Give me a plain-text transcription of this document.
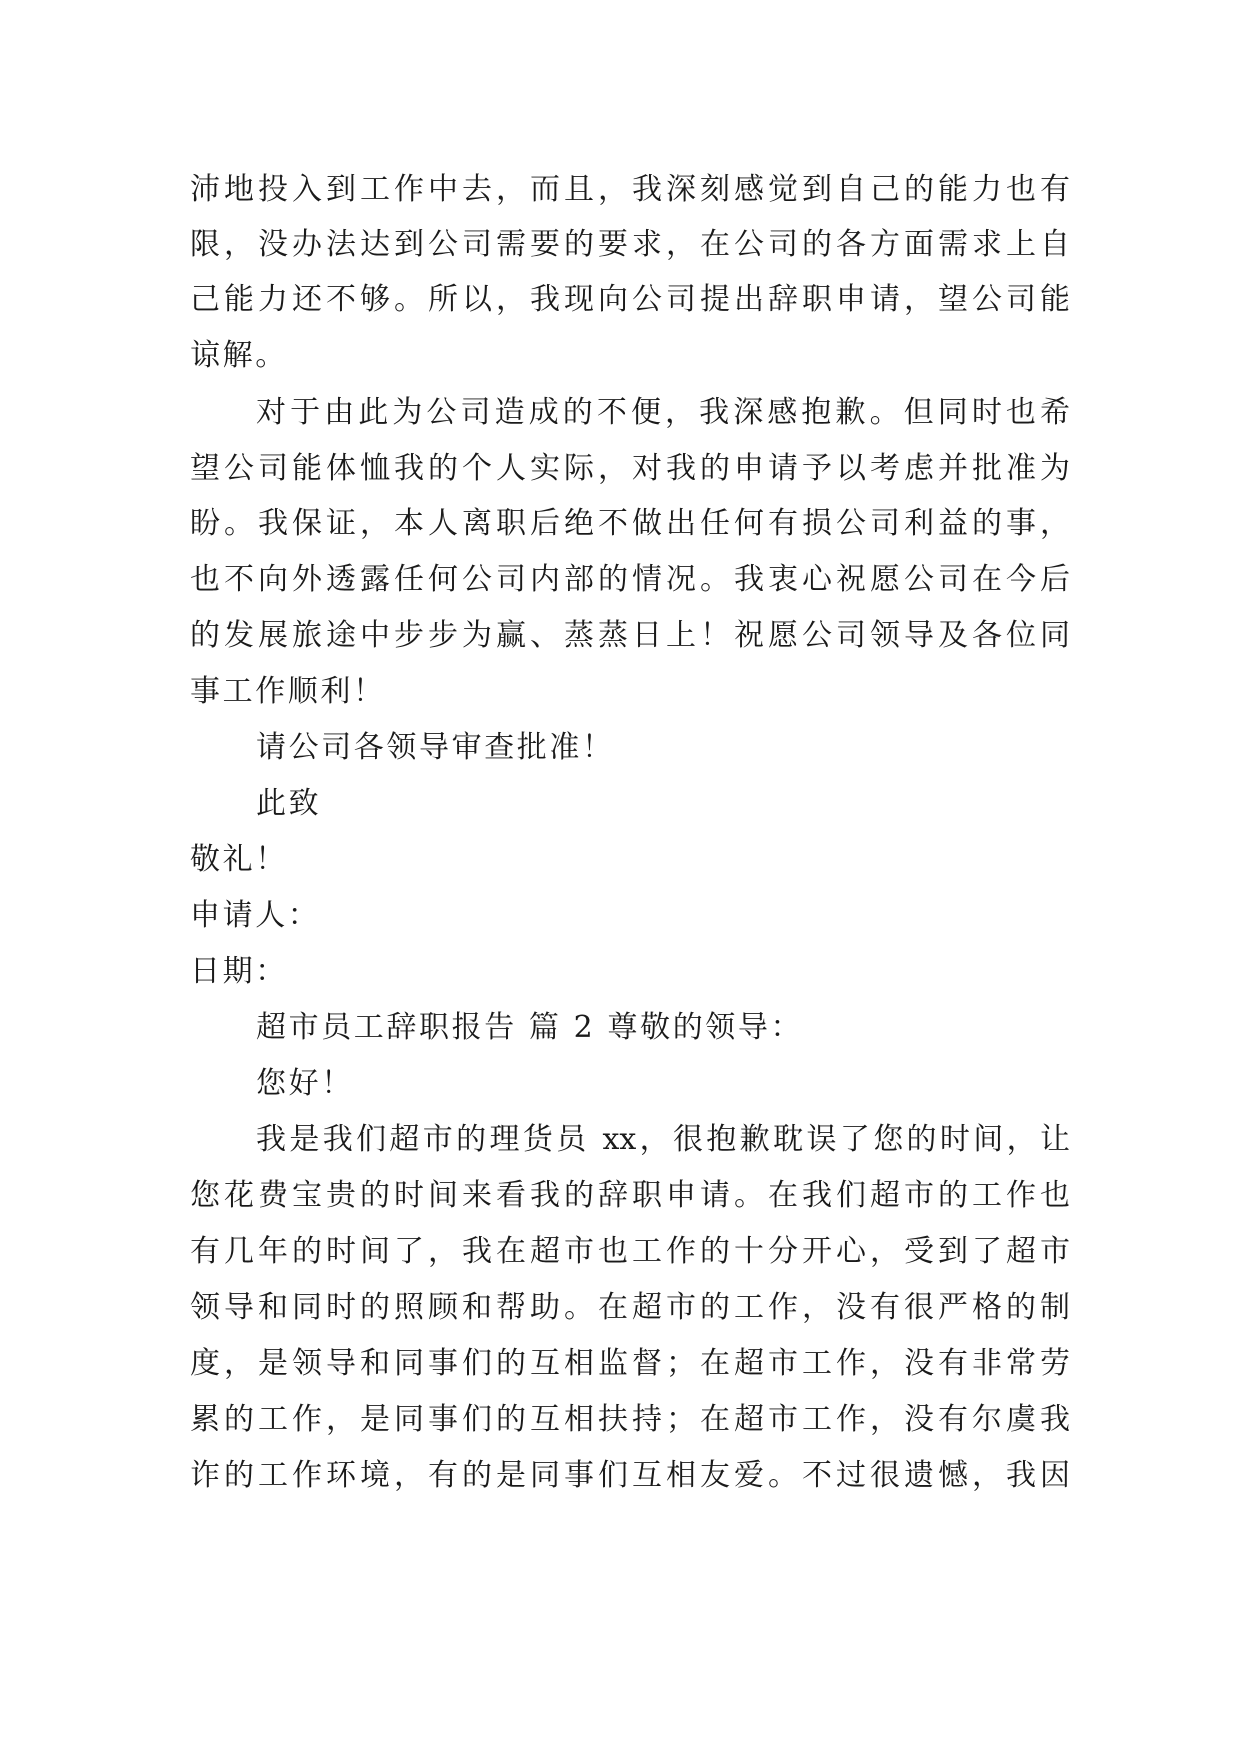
沛地投入到工作中去，而且，我深刻感觉到自己的能力也有
限，没办法达到公司需要的要求，在公司的各方面需求上自
己能力还不够。所以，我现向公司提出辞职申请，望公司能
谅解。
对于由此为公司造成的不便，我深感抱歉。但同时也希
望公司能体恤我的个人实际，对我的申请予以考虑并批准为
盼。我保证，本人离职后绝不做出任何有损公司利益的事，
也不向外透露任何公司内部的情况。我衷心祝愿公司在今后
的发展旅途中步步为赢、蒸蒸日上！祝愿公司领导及各位同
事工作顺利！
请公司各领导审查批准！
此致
敬礼！
申请人：
日期：
超市员工辞职报告 篇 2 尊敬的领导：
您好！
我是我们超市的理货员 xx，很抱歉耽误了您的时间，让
您花费宝贵的时间来看我的辞职申请。在我们超市的工作也
有几年的时间了，我在超市也工作的十分开心，受到了超市
领导和同时的照顾和帮助。在超市的工作，没有很严格的制
度，是领导和同事们的互相监督；在超市工作，没有非常劳
累的工作，是同事们的互相扶持；在超市工作，没有尔虞我
诈的工作环境，有的是同事们互相友爱。不过很遗憾，我因
